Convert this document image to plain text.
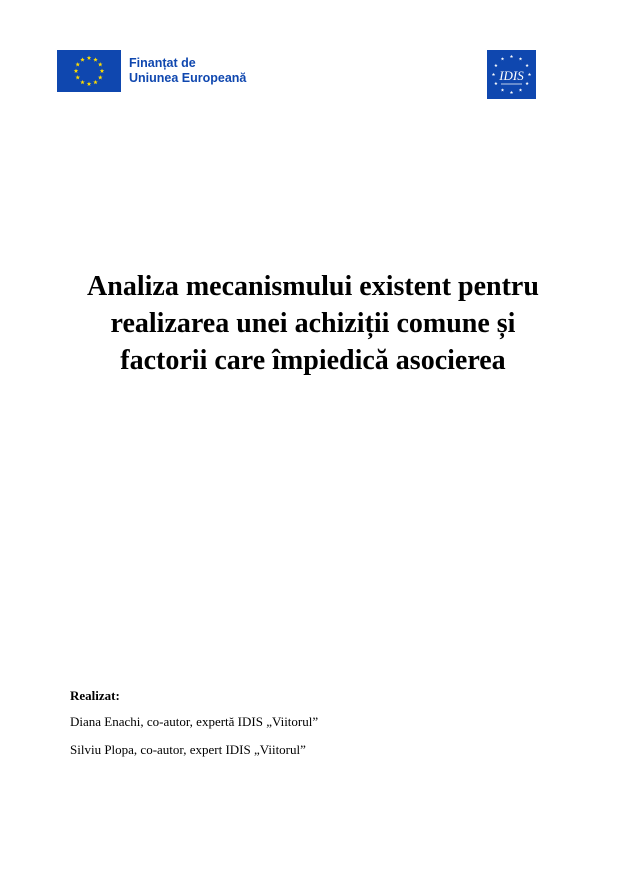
Finanțat de
Uniunea Europeană	IDIS
Analiza mecanismului existent pentru
realizarea unei achiziții comune și
factorii care împiedică asocierea
Realizat:
Diana Enachi, co-autor, expertă IDIS „Viitorul”
Silviu Plopa, co-autor, expert IDIS „Viitorul”
